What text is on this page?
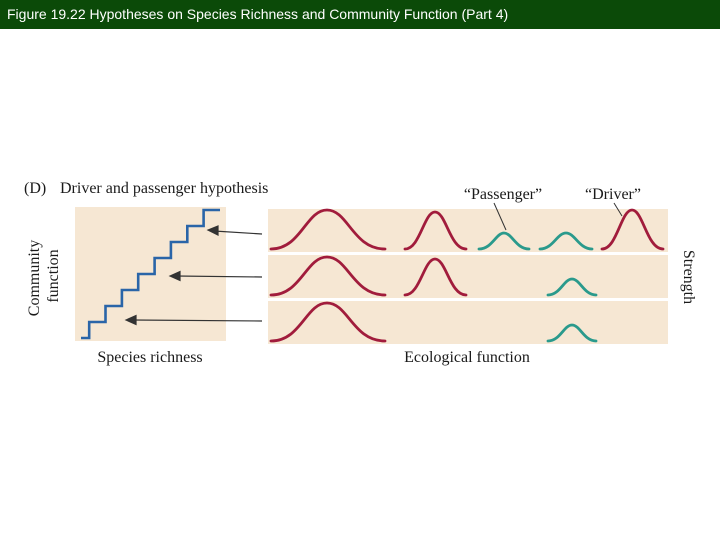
Figure 19.22 Hypotheses on Species Richness and Community Function (Part 4)
(D) Driver and passenger hypothesis
Community function
Species richness
“Passenger”	“Driver”
Ecological function
Strength
